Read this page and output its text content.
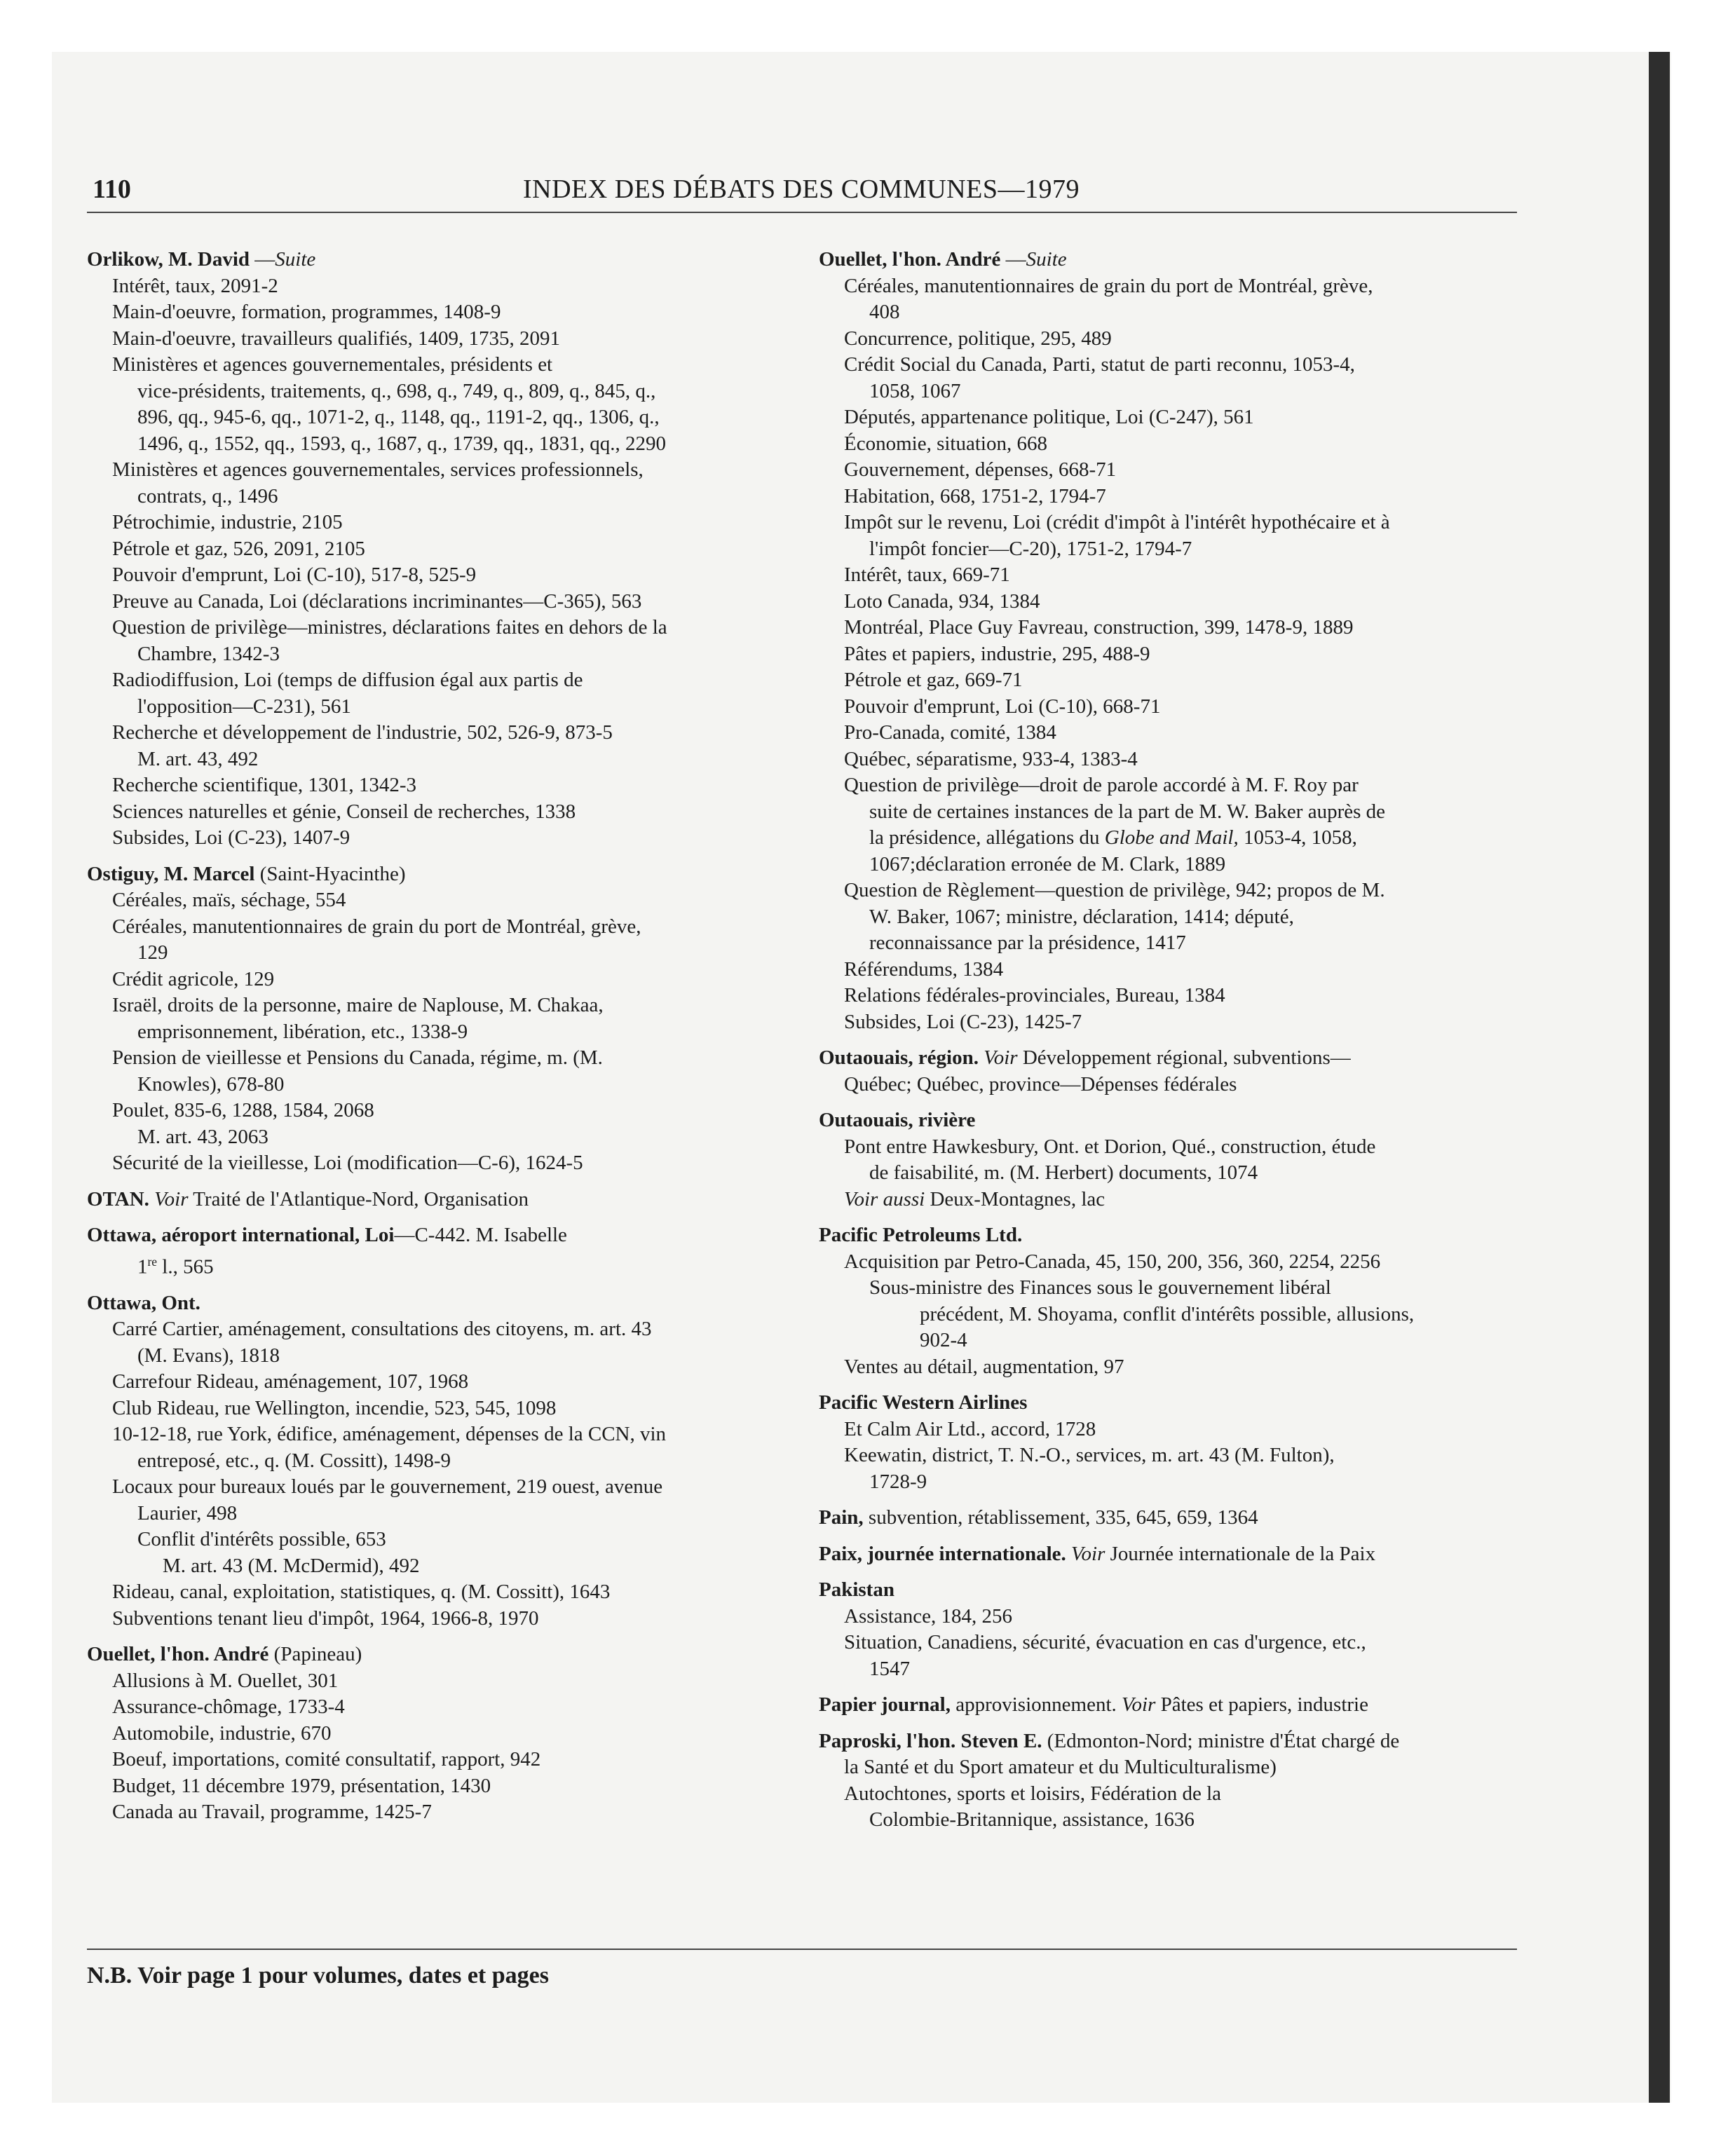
110	INDEX DES DÉBATS DES COMMUNES—1979
Orlikow, M. David —Suite
Intérêt, taux, 2091-2
Main-d'oeuvre, formation, programmes, 1408-9
Main-d'oeuvre, travailleurs qualifiés, 1409, 1735, 2091
Ministères et agences gouvernementales, présidents et
vice-présidents, traitements, q., 698, q., 749, q., 809, q., 845, q.,
896, qq., 945-6, qq., 1071-2, q., 1148, qq., 1191-2, qq., 1306, q.,
1496, q., 1552, qq., 1593, q., 1687, q., 1739, qq., 1831, qq., 2290
Ministères et agences gouvernementales, services professionnels,
contrats, q., 1496
Pétrochimie, industrie, 2105
Pétrole et gaz, 526, 2091, 2105
Pouvoir d'emprunt, Loi (C-10), 517-8, 525-9
Preuve au Canada, Loi (déclarations incriminantes—C-365), 563
Question de privilège—ministres, déclarations faites en dehors de la
Chambre, 1342-3
Radiodiffusion, Loi (temps de diffusion égal aux partis de
l'opposition—C-231), 561
Recherche et développement de l'industrie, 502, 526-9, 873-5
M. art. 43, 492
Recherche scientifique, 1301, 1342-3
Sciences naturelles et génie, Conseil de recherches, 1338
Subsides, Loi (C-23), 1407-9
Ostiguy, M. Marcel (Saint-Hyacinthe)
Céréales, maïs, séchage, 554
Céréales, manutentionnaires de grain du port de Montréal, grève,
129
Crédit agricole, 129
Israël, droits de la personne, maire de Naplouse, M. Chakaa,
emprisonnement, libération, etc., 1338-9
Pension de vieillesse et Pensions du Canada, régime, m. (M.
Knowles), 678-80
Poulet, 835-6, 1288, 1584, 2068
M. art. 43, 2063
Sécurité de la vieillesse, Loi (modification—C-6), 1624-5
OTAN. Voir Traité de l'Atlantique-Nord, Organisation
Ottawa, aéroport international, Loi—C-442. M. Isabelle
1re l., 565
Ottawa, Ont.
Carré Cartier, aménagement, consultations des citoyens, m. art. 43
(M. Evans), 1818
Carrefour Rideau, aménagement, 107, 1968
Club Rideau, rue Wellington, incendie, 523, 545, 1098
10-12-18, rue York, édifice, aménagement, dépenses de la CCN, vin
entreposé, etc., q. (M. Cossitt), 1498-9
Locaux pour bureaux loués par le gouvernement, 219 ouest, avenue
Laurier, 498
Conflit d'intérêts possible, 653
M. art. 43 (M. McDermid), 492
Rideau, canal, exploitation, statistiques, q. (M. Cossitt), 1643
Subventions tenant lieu d'impôt, 1964, 1966-8, 1970
Ouellet, l'hon. André (Papineau)
Allusions à M. Ouellet, 301
Assurance-chômage, 1733-4
Automobile, industrie, 670
Boeuf, importations, comité consultatif, rapport, 942
Budget, 11 décembre 1979, présentation, 1430
Canada au Travail, programme, 1425-7
Ouellet, l'hon. André —Suite
Céréales, manutentionnaires de grain du port de Montréal, grève,
408
Concurrence, politique, 295, 489
Crédit Social du Canada, Parti, statut de parti reconnu, 1053-4,
1058, 1067
Députés, appartenance politique, Loi (C-247), 561
Économie, situation, 668
Gouvernement, dépenses, 668-71
Habitation, 668, 1751-2, 1794-7
Impôt sur le revenu, Loi (crédit d'impôt à l'intérêt hypothécaire et à
l'impôt foncier—C-20), 1751-2, 1794-7
Intérêt, taux, 669-71
Loto Canada, 934, 1384
Montréal, Place Guy Favreau, construction, 399, 1478-9, 1889
Pâtes et papiers, industrie, 295, 488-9
Pétrole et gaz, 669-71
Pouvoir d'emprunt, Loi (C-10), 668-71
Pro-Canada, comité, 1384
Québec, séparatisme, 933-4, 1383-4
Question de privilège—droit de parole accordé à M. F. Roy par
suite de certaines instances de la part de M. W. Baker auprès de
la présidence, allégations du Globe and Mail, 1053-4, 1058,
1067;déclaration erronée de M. Clark, 1889
Question de Règlement—question de privilège, 942; propos de M.
W. Baker, 1067; ministre, déclaration, 1414; député,
reconnaissance par la présidence, 1417
Référendums, 1384
Relations fédérales-provinciales, Bureau, 1384
Subsides, Loi (C-23), 1425-7
Outaouais, région. Voir Développement régional, subventions—
Québec; Québec, province—Dépenses fédérales
Outaouais, rivière
Pont entre Hawkesbury, Ont. et Dorion, Qué., construction, étude
de faisabilité, m. (M. Herbert) documents, 1074
Voir aussi Deux-Montagnes, lac
Pacific Petroleums Ltd.
Acquisition par Petro-Canada, 45, 150, 200, 356, 360, 2254, 2256
Sous-ministre des Finances sous le gouvernement libéral
précédent, M. Shoyama, conflit d'intérêts possible, allusions,
902-4
Ventes au détail, augmentation, 97
Pacific Western Airlines
Et Calm Air Ltd., accord, 1728
Keewatin, district, T. N.-O., services, m. art. 43 (M. Fulton),
1728-9
Pain, subvention, rétablissement, 335, 645, 659, 1364
Paix, journée internationale. Voir Journée internationale de la Paix
Pakistan
Assistance, 184, 256
Situation, Canadiens, sécurité, évacuation en cas d'urgence, etc.,
1547
Papier journal, approvisionnement. Voir Pâtes et papiers, industrie
Paproski, l'hon. Steven E. (Edmonton-Nord; ministre d'État chargé de
la Santé et du Sport amateur et du Multiculturalisme)
Autochtones, sports et loisirs, Fédération de la
Colombie-Britannique, assistance, 1636
N.B. Voir page 1 pour volumes, dates et pages
